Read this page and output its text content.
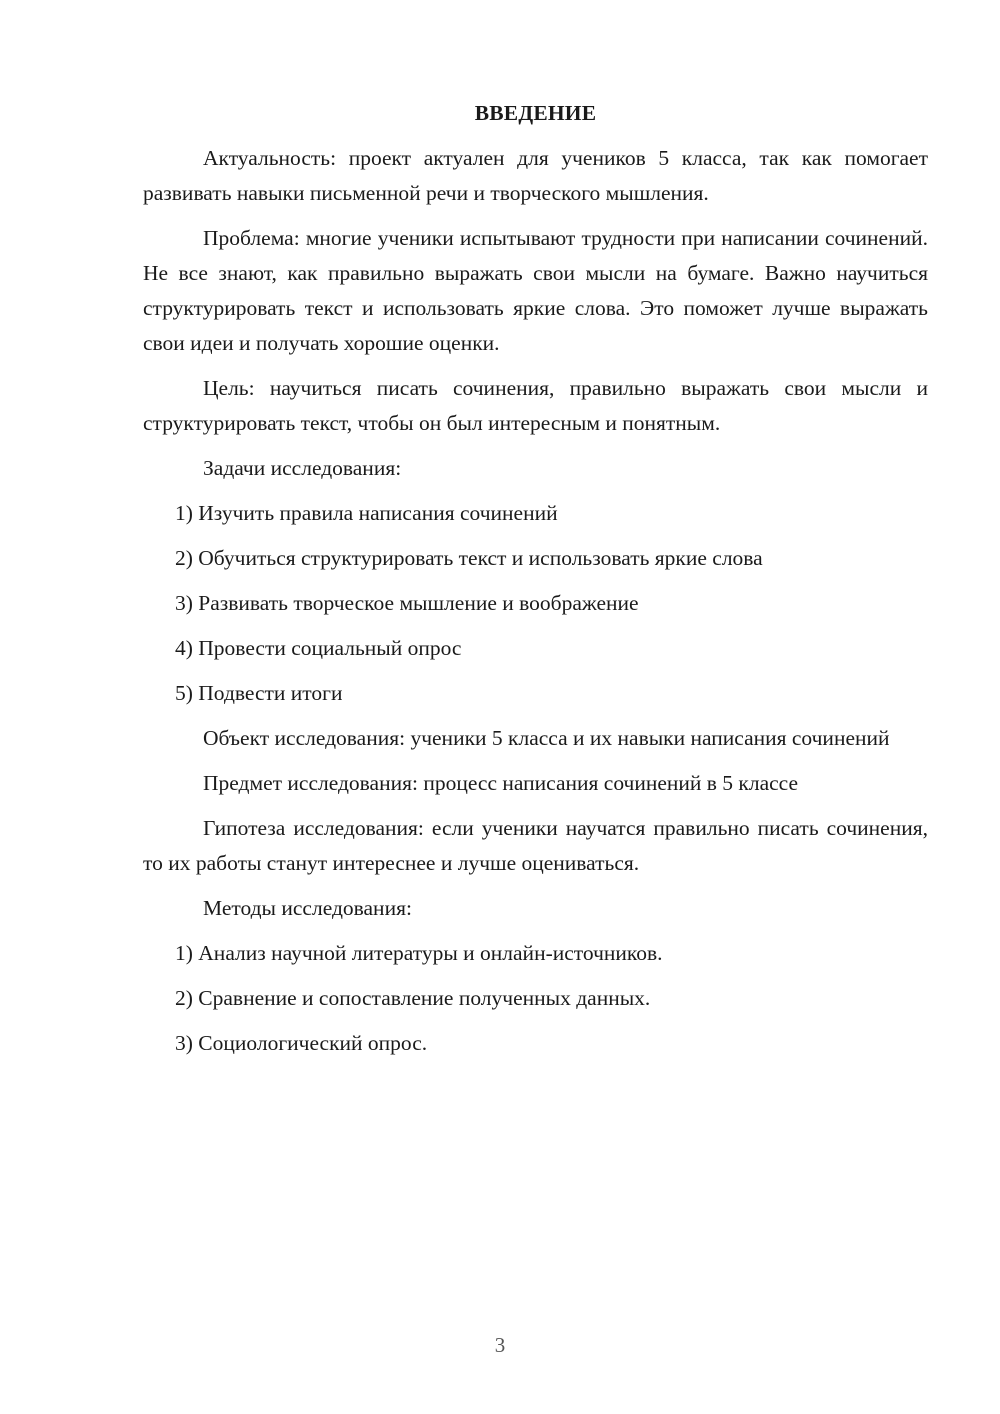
ВВЕДЕНИЕ

Актуальность: проект актуален для учеников 5 класса, так как помогает развивать навыки письменной речи и творческого мышления.

Проблема: многие ученики испытывают трудности при написании сочинений. Не все знают, как правильно выражать свои мысли на бумаге. Важно научиться структурировать текст и использовать яркие слова. Это поможет лучше выражать свои идеи и получать хорошие оценки.

Цель: научиться писать сочинения, правильно выражать свои мысли и структурировать текст, чтобы он был интересным и понятным.

Задачи исследования:

1) Изучить правила написания сочинений

2) Обучиться структурировать текст и использовать яркие слова

3) Развивать творческое мышление и воображение

4) Провести социальный опрос

5) Подвести итоги

Объект исследования: ученики 5 класса и их навыки написания сочинений

Предмет исследования: процесс написания сочинений в 5 классе

Гипотеза исследования: если ученики научатся правильно писать сочинения, то их работы станут интереснее и лучше оцениваться.

Методы исследования:

1) Анализ научной литературы и онлайн-источников.

2) Сравнение и сопоставление полученных данных.

3) Социологический опрос.

3
